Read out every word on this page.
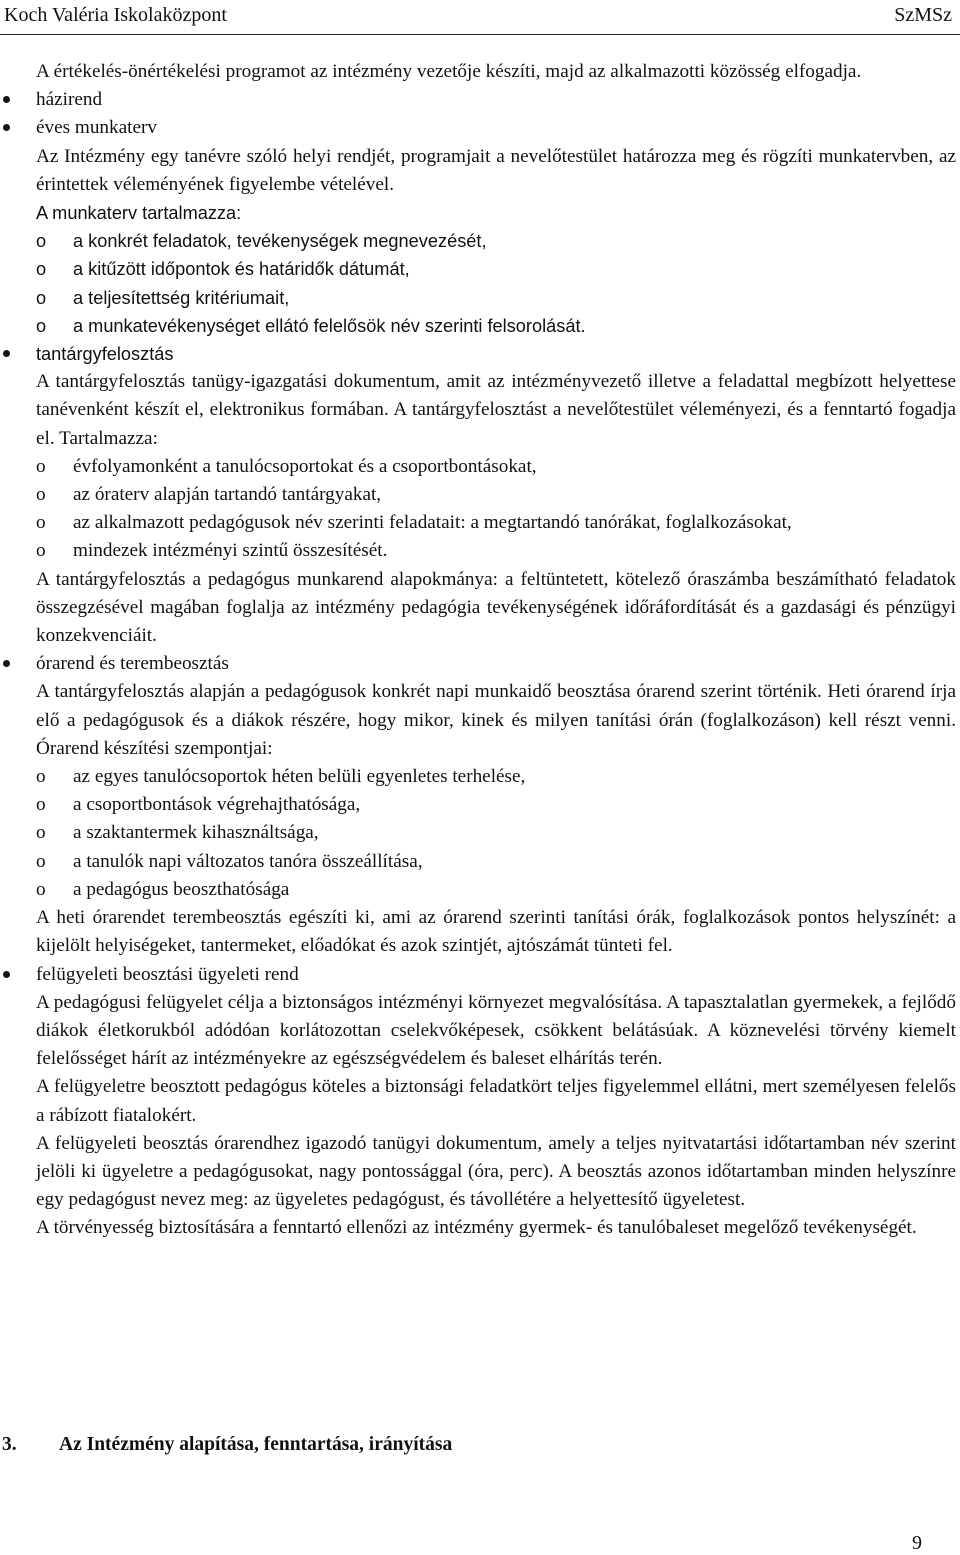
Koch Valéria Iskolaközpont	SzMSz

A értékelés-önértékelési programot az intézmény vezetője készíti, majd az alkalmazotti közösség elfogadja.

házirend

éves munkaterv

Az Intézmény egy tanévre szóló helyi rendjét, programjait a nevelőtestület határozza meg és rögzíti munkatervben, az érintettek véleményének figyelembe vételével.

A munkaterv tartalmazza:

o a konkrét feladatok, tevékenységek megnevezését,

o a kitűzött időpontok és határidők dátumát,

o a teljesítettség kritériumait,

o a munkatevékenységet ellátó felelősök név szerinti felsorolását.

tantárgyfelosztás

A tantárgyfelosztás tanügy-igazgatási dokumentum, amit az intézményvezető illetve a feladattal megbízott helyettese tanévenként készít el, elektronikus formában. A tantárgyfelosztást a nevelőtestület véleményezi, és a fenntartó fogadja el. Tartalmazza:

o évfolyamonként a tanulócsoportokat és a csoportbontásokat,

o az óraterv alapján tartandó tantárgyakat,

o az alkalmazott pedagógusok név szerinti feladatait: a megtartandó tanórákat, foglalkozásokat,

o mindezek intézményi szintű összesítését.

A tantárgyfelosztás a pedagógus munkarend alapokmánya: a feltüntetett, kötelező óraszámba beszámítható feladatok összegzésével magában foglalja az intézmény pedagógia tevékenységének időráfordítását és a gazdasági és pénzügyi konzekvenciáit.

órarend és terembeosztás

A tantárgyfelosztás alapján a pedagógusok konkrét napi munkaidő beosztása órarend szerint történik. Heti órarend írja elő a pedagógusok és a diákok részére, hogy mikor, kinek és milyen tanítási órán (foglalkozáson) kell részt venni. Órarend készítési szempontjai:

o az egyes tanulócsoportok héten belüli egyenletes terhelése,

o a csoportbontások végrehajthatósága,

o a szaktantermek kihasználtsága,

o a tanulók napi változatos tanóra összeállítása,

o a pedagógus beoszthatósága

A heti órarendet terembeosztás egészíti ki, ami az órarend szerinti tanítási órák, foglalkozások pontos helyszínét: a kijelölt helyiségeket, tantermeket, előadókat és azok szintjét, ajtószámát tünteti fel.

felügyeleti beosztási ügyeleti rend

A pedagógusi felügyelet célja a biztonságos intézményi környezet megvalósítása. A tapasztalatlan gyermekek, a fejlődő diákok életkorukból adódóan korlátozottan cselekvőképesek, csökkent belátásúak. A köznevelési törvény kiemelt felelősséget hárít az intézményekre az egészségvédelem és baleset elhárítás terén.

A felügyeletre beosztott pedagógus köteles a biztonsági feladatkört teljes figyelemmel ellátni, mert személyesen felelős a rábízott fiatalokért.

A felügyeleti beosztás órarendhez igazodó tanügyi dokumentum, amely a teljes nyitvatartási időtartamban név szerint jelöli ki ügyeletre a pedagógusokat, nagy pontossággal (óra, perc). A beosztás azonos időtartamban minden helyszínre egy pedagógust nevez meg: az ügyeletes pedagógust, és távollétére a helyettesítő ügyeletest.

A törvényesség biztosítására a fenntartó ellenőzi az intézmény gyermek- és tanulóbaleset megelőző tevékenységét.

3. Az Intézmény alapítása, fenntartása, irányítása
9
